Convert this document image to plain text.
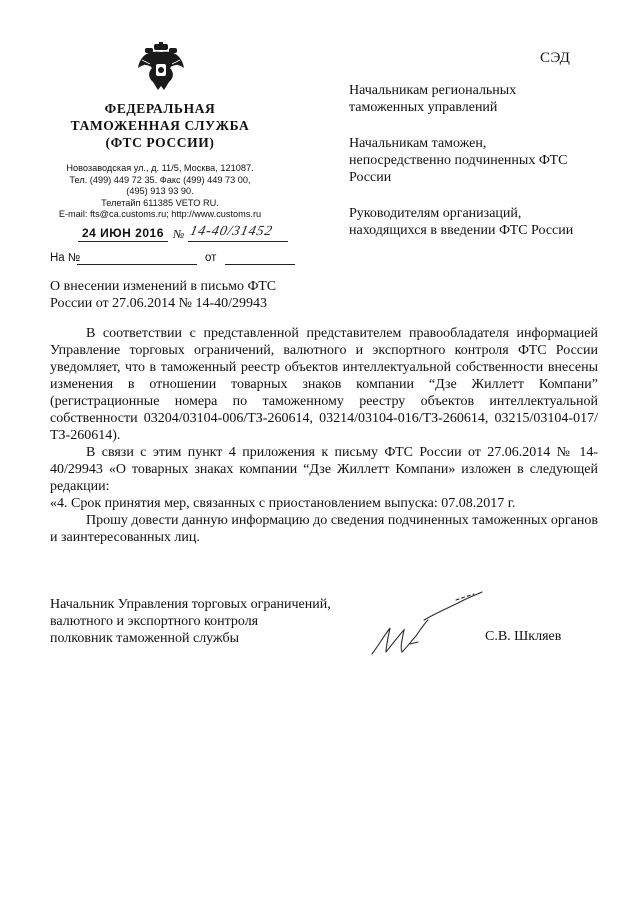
СЭД
ФЕДЕРАЛЬНАЯ
ТАМОЖЕННАЯ СЛУЖБА
(ФТС РОССИИ)
Новозаводская ул., д. 11/5, Москва, 121087.
Тел. (499) 449 72 35. Факс (499) 449 73 00,
(495) 913 93 90.
Телетайп 611385 VETO RU.
E-mail: fts@ca.customs.ru; http://www.customs.ru
24 ИЮН 2016 № 14-40/31452
На №	от
О внесении изменений в письмо ФТС России от 27.06.2014 № 14-40/29943

Начальникам региональных таможенных управлений

Начальникам таможен, непосредственно подчиненных ФТС России

Руководителям организаций, находящихся в введении ФТС России

В соответствии с представленной представителем правообладателя информацией Управление торговых ограничений, валютного и экспортного контроля ФТС России уведомляет, что в таможенный реестр объектов интеллектуальной собственности внесены изменения в отношении товарных знаков компании “Дзе Жиллетт Компани” (регистрационные номера по таможенному реестру объектов интеллектуальной собственности 03204/03104-006/ТЗ-260614, 03214/03104-016/ТЗ-260614, 03215/03104-017/ТЗ-260614).

В связи с этим пункт 4 приложения к письму ФТС России от 27.06.2014 № 14-40/29943 «О товарных знаках компании “Дзе Жиллетт Компани» изложен в следующей редакции:

«4. Срок принятия мер, связанных с приостановлением выпуска: 07.08.2017 г.

Прошу довести данную информацию до сведения подчиненных таможенных органов и заинтересованных лиц.

Начальник Управления торговых ограничений,
валютного и экспортного контроля
полковник таможенной службы	С.В. Шкляев
